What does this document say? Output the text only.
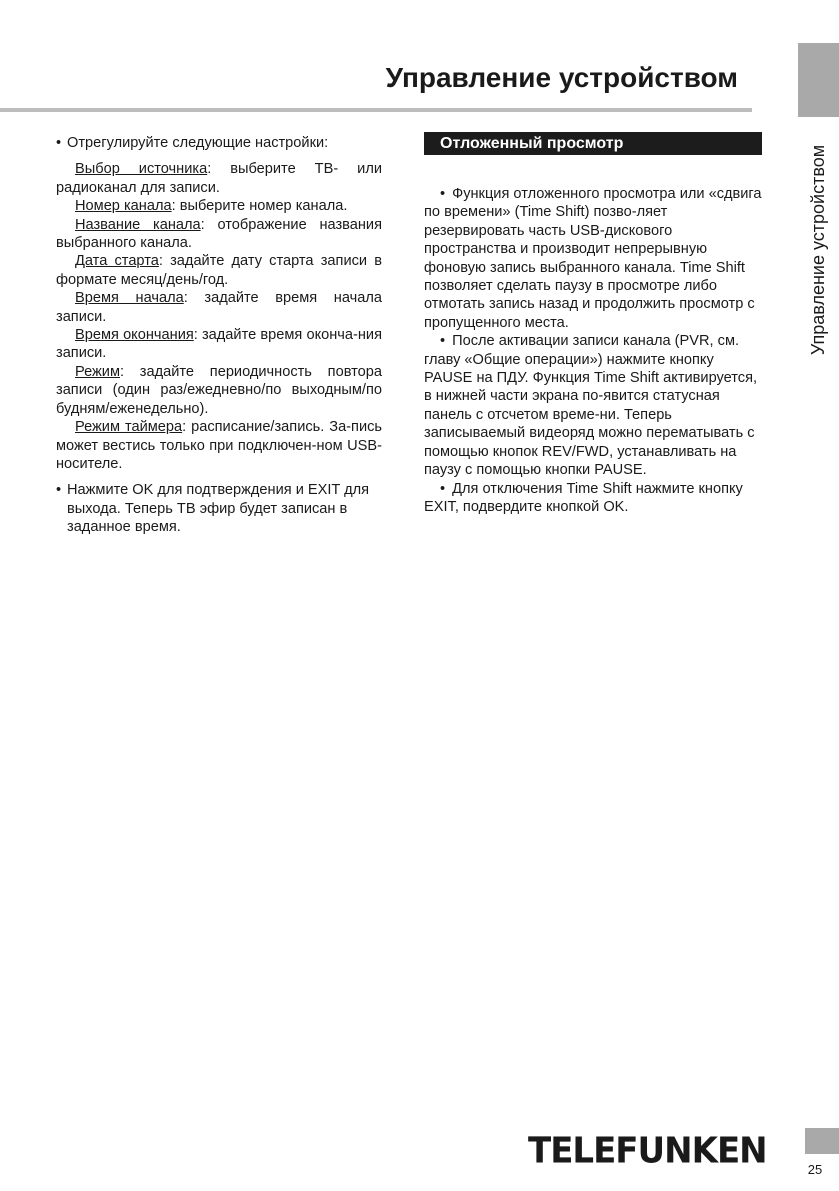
Управление устройством
Управление устройством
• Отрегулируйте следующие настройки:

Выбор источника: выберите ТВ- или радиоканал для записи.

Номер канала: выберите номер канала.

Название канала: отображение названия выбранного канала.

Дата старта: задайте дату старта записи в формате месяц/день/год.

Время начала: задайте время начала записи.

Время окончания: задайте время оконча-ния записи.

Режим: задайте периодичность повтора записи (один раз/ежедневно/по выходным/по будням/еженедельно).

Режим таймера: расписание/запись. За-пись может вестись только при подключен-ном USB-носителе.

• Нажмите OK для подтверждения и EXIT для выхода. Теперь ТВ эфир будет записан в заданное время.
Отложенный просмотр

• Функция отложенного просмотра или «сдвига по времени» (Time Shift) позво-ляет резервировать часть USB-дискового пространства и производит непрерывную фоновую запись выбранного канала. Time Shift позволяет сделать паузу в просмотре либо отмотать запись назад и продолжить просмотр с пропущенного места.

• После активации записи канала (PVR, см. главу «Общие операции») нажмите кнопку PAUSE на ПДУ. Функция Time Shift активируется, в нижней части экрана по-явится статусная панель с отсчетом време-ни. Теперь записываемый видеоряд можно перематывать с помощью кнопок REV/FWD, устанавливать на паузу с помощью кнопки PAUSE.

• Для отключения Time Shift нажмите кнопку EXIT, подвердите кнопкой OK.

TELEFUNKEN	25
